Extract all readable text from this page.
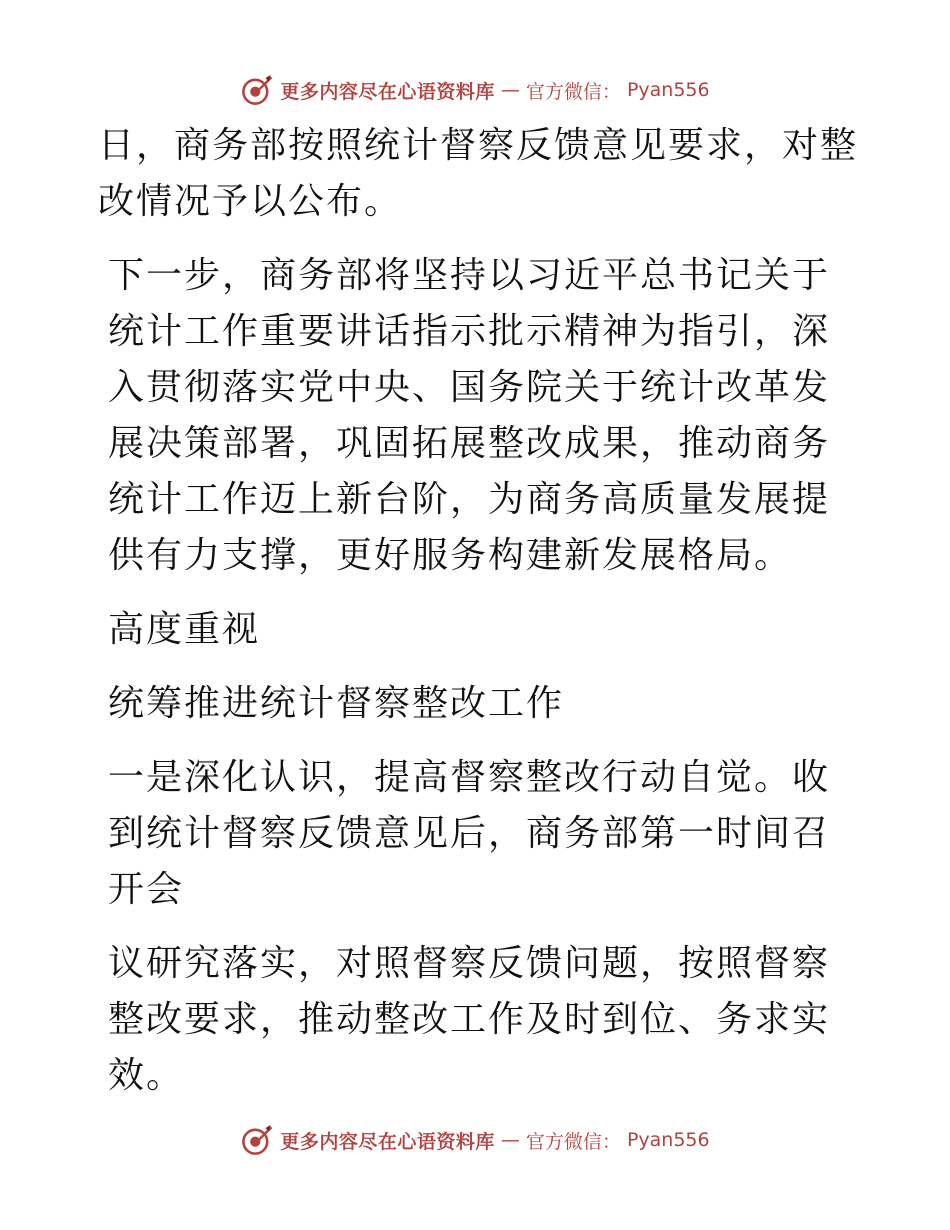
更多内容尽在心语资料库 — 官方微信： Pyan556

日，商务部按照统计督察反馈意见要求，对整改情况予以公布。

下一步，商务部将坚持以习近平总书记关于统计工作重要讲话指示批示精神为指引，深入贯彻落实党中央、国务院关于统计改革发展决策部署，巩固拓展整改成果，推动商务统计工作迈上新台阶，为商务高质量发展提供有力支撑，更好服务构建新发展格局。

高度重视

统筹推进统计督察整改工作

一是深化认识，提高督察整改行动自觉。收到统计督察反馈意见后，商务部第一时间召开会

议研究落实，对照督察反馈问题，按照督察整改要求，推动整改工作及时到位、务求实效。

更多内容尽在心语资料库 — 官方微信： Pyan556
